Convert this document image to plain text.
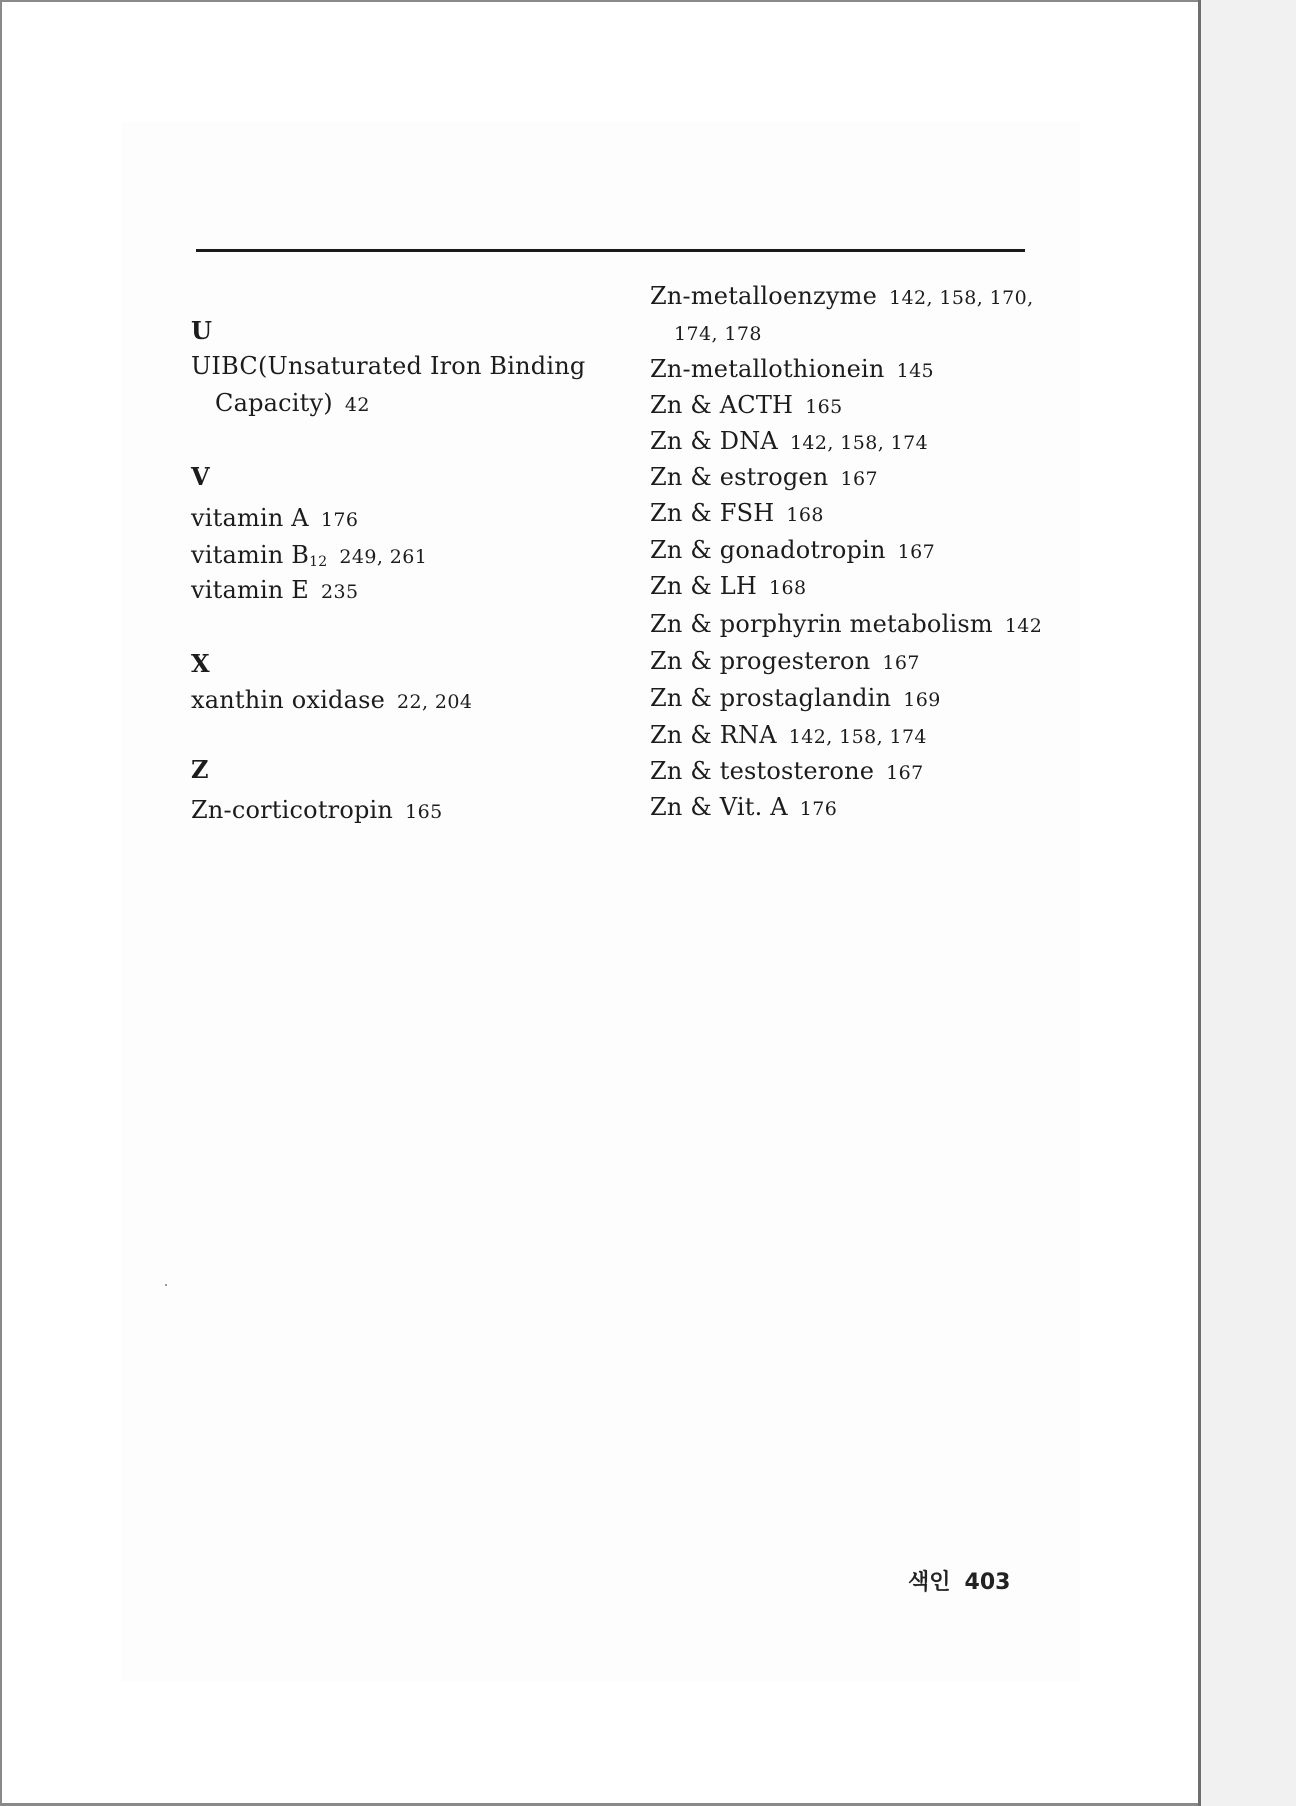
U
UIBC(Unsaturated Iron Binding
Capacity) 42
V
vitamin A 176
vitamin $B_{12}$ 249, 261
vitamin E 235
X
xanthin oxidase 22, 204
Z
Zn-corticotropin 165
Zn-metalloenzyme 142, 158, 170,
174, 178
Zn-metallothionein 145
Zn & ACTH 165
Zn & DNA 142, 158, 174
Zn & estrogen 167
Zn & FSH 168
Zn & gonadotropin 167
Zn & LH 168
Zn & porphyrin metabolism 142
Zn & progesteron 167
Zn & prostaglandin 169
Zn & RNA 142, 158, 174
Zn & testosterone 167
Zn & Vit. A 176
색인 403
